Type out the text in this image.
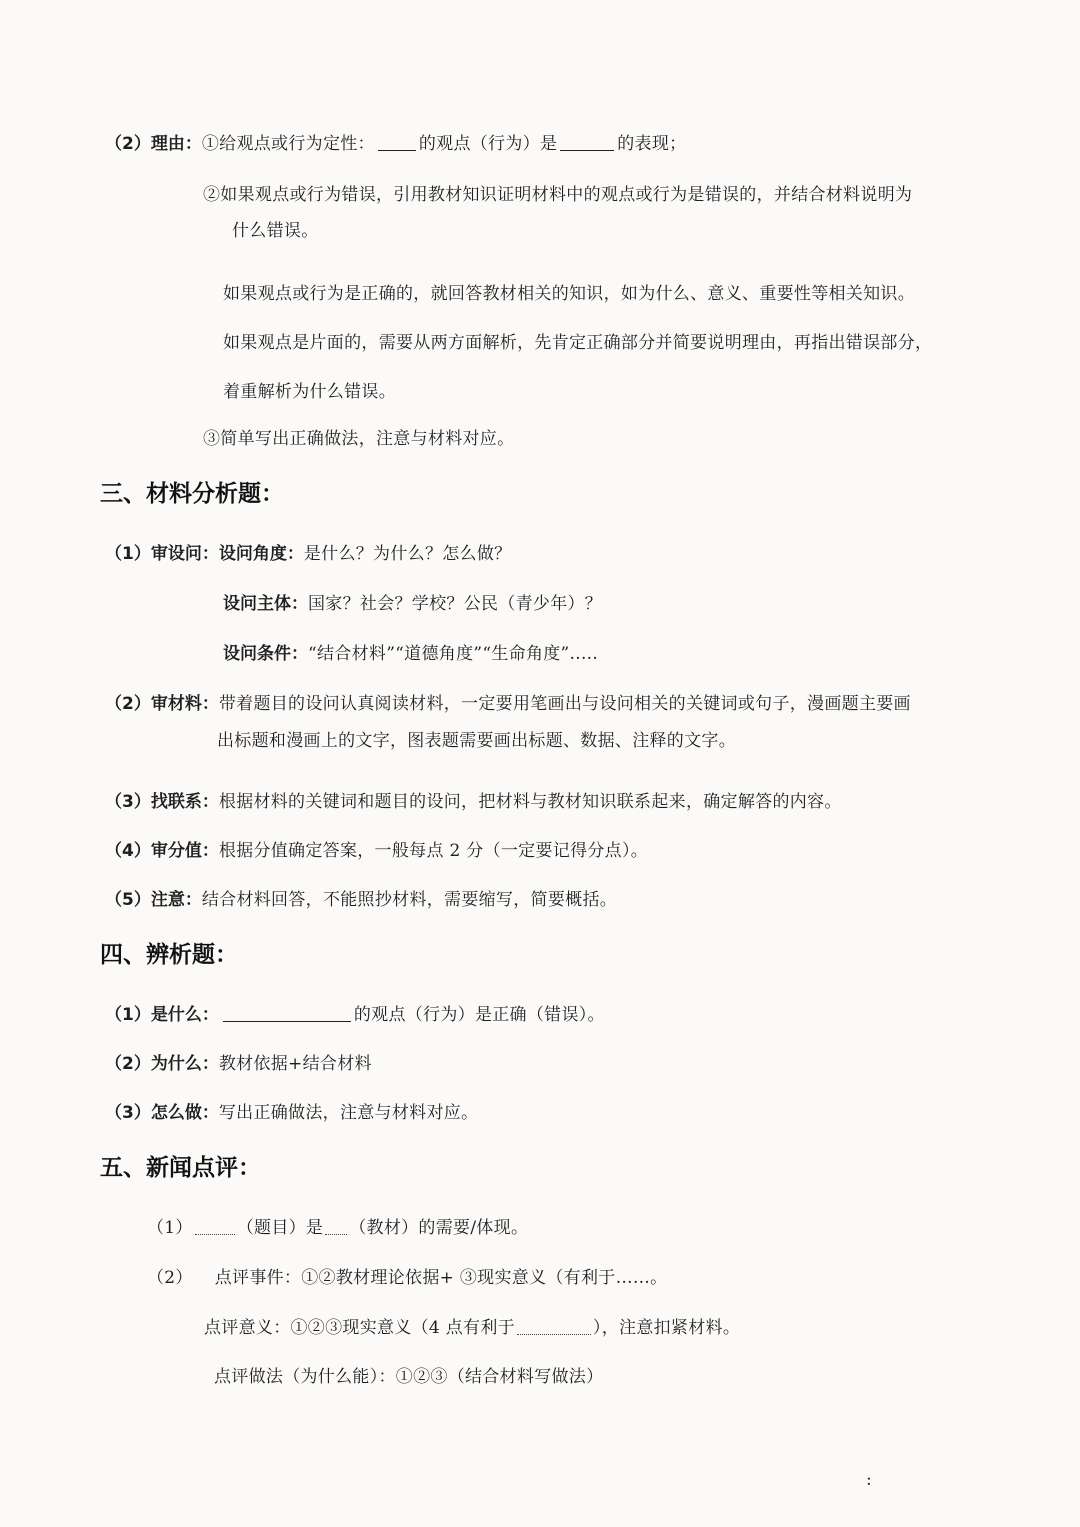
（2）理由：①给观点或行为定性：	的观点（行为）是	的表现；
②如果观点或行为错误，引用教材知识证明材料中的观点或行为是错误的，并结合材料说明为
什么错误。
如果观点或行为是正确的，就回答教材相关的知识，如为什么、意义、重要性等相关知识。
如果观点是片面的，需要从两方面解析，先肯定正确部分并简要说明理由，再指出错误部分，
着重解析为什么错误。
③简单写出正确做法，注意与材料对应。
三、材料分析题：
（1）审设问：设问角度：是什么？为什么？怎么做？
设问主体：国家？社会？学校？公民（青少年）？
设问条件：“结合材料”“道德角度”“生命角度”.....
（2）审材料：带着题目的设问认真阅读材料，一定要用笔画出与设问相关的关键词或句子，漫画题主要画
出标题和漫画上的文字，图表题需要画出标题、数据、注释的文字。
（3）找联系：根据材料的关键词和题目的设问，把材料与教材知识联系起来，确定解答的内容。
（4）审分值：根据分值确定答案，一般每点 2 分（一定要记得分点）。
（5）注意：结合材料回答，不能照抄材料，需要缩写，简要概括。
四、辨析题：
（1）是什么：	的观点（行为）是正确（错误）。
（2）为什么：教材依据+结合材料
（3）怎么做：写出正确做法，注意与材料对应。
五、新闻点评：
（1）	（题目）是 （教材）的需要/体现。
（2） 点评事件：①②教材理论依据+ ③现实意义（有利于……。
点评意义：①②③现实意义（4 点有利于	），注意扣紧材料。
点评做法（为什么能）：①②③（结合材料写做法）
:
